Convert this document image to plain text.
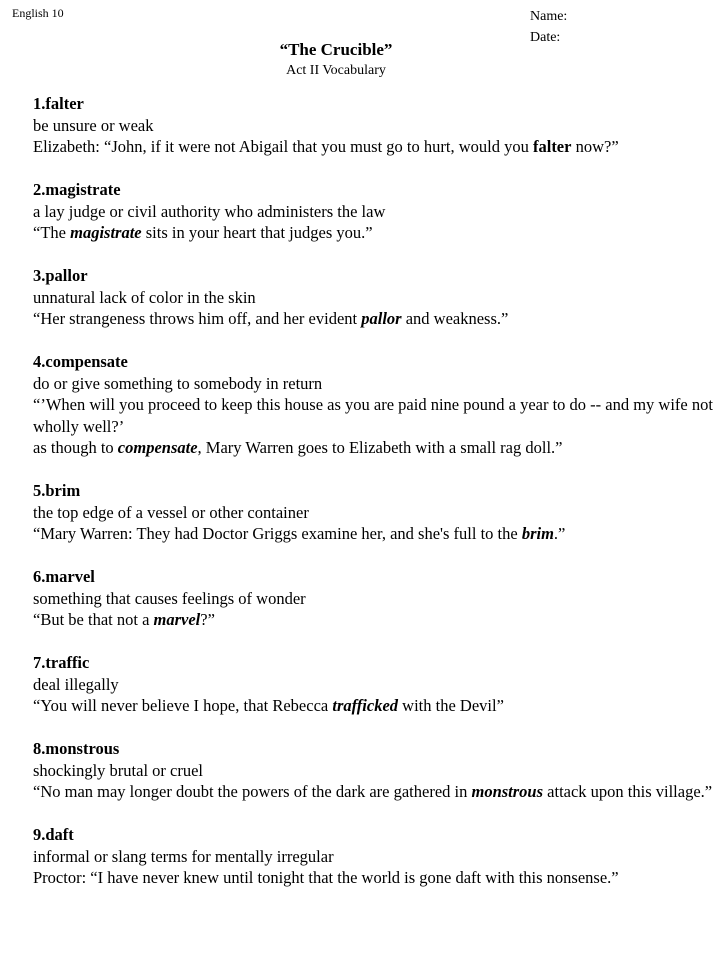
English 10	Name:
Date:
“The Crucible”
Act II Vocabulary
1.falter
be unsure or weak
Elizabeth: “John, if it were not Abigail that you must go to hurt, would you falter now?”
2.magistrate
a lay judge or civil authority who administers the law
“The magistrate sits in your heart that judges you.”
3.pallor
unnatural lack of color in the skin
“Her strangeness throws him off, and her evident pallor and weakness.”
4.compensate
do or give something to somebody in return
“’When will you proceed to keep this house as you are paid nine pound a year to do -- and my wife not wholly well?’
as though to compensate, Mary Warren goes to Elizabeth with a small rag doll.”
5.brim
the top edge of a vessel or other container
“Mary Warren: They had Doctor Griggs examine her, and she's full to the brim.”
6.marvel
something that causes feelings of wonder
“But be that not a marvel?”
7.traffic
deal illegally
“You will never believe I hope, that Rebecca trafficked with the Devil”
8.monstrous
shockingly brutal or cruel
“No man may longer doubt the powers of the dark are gathered in monstrous attack upon this village.”
9.daft
informal or slang terms for mentally irregular
Proctor: “I have never knew until tonight that the world is gone daft with this nonsense.”
